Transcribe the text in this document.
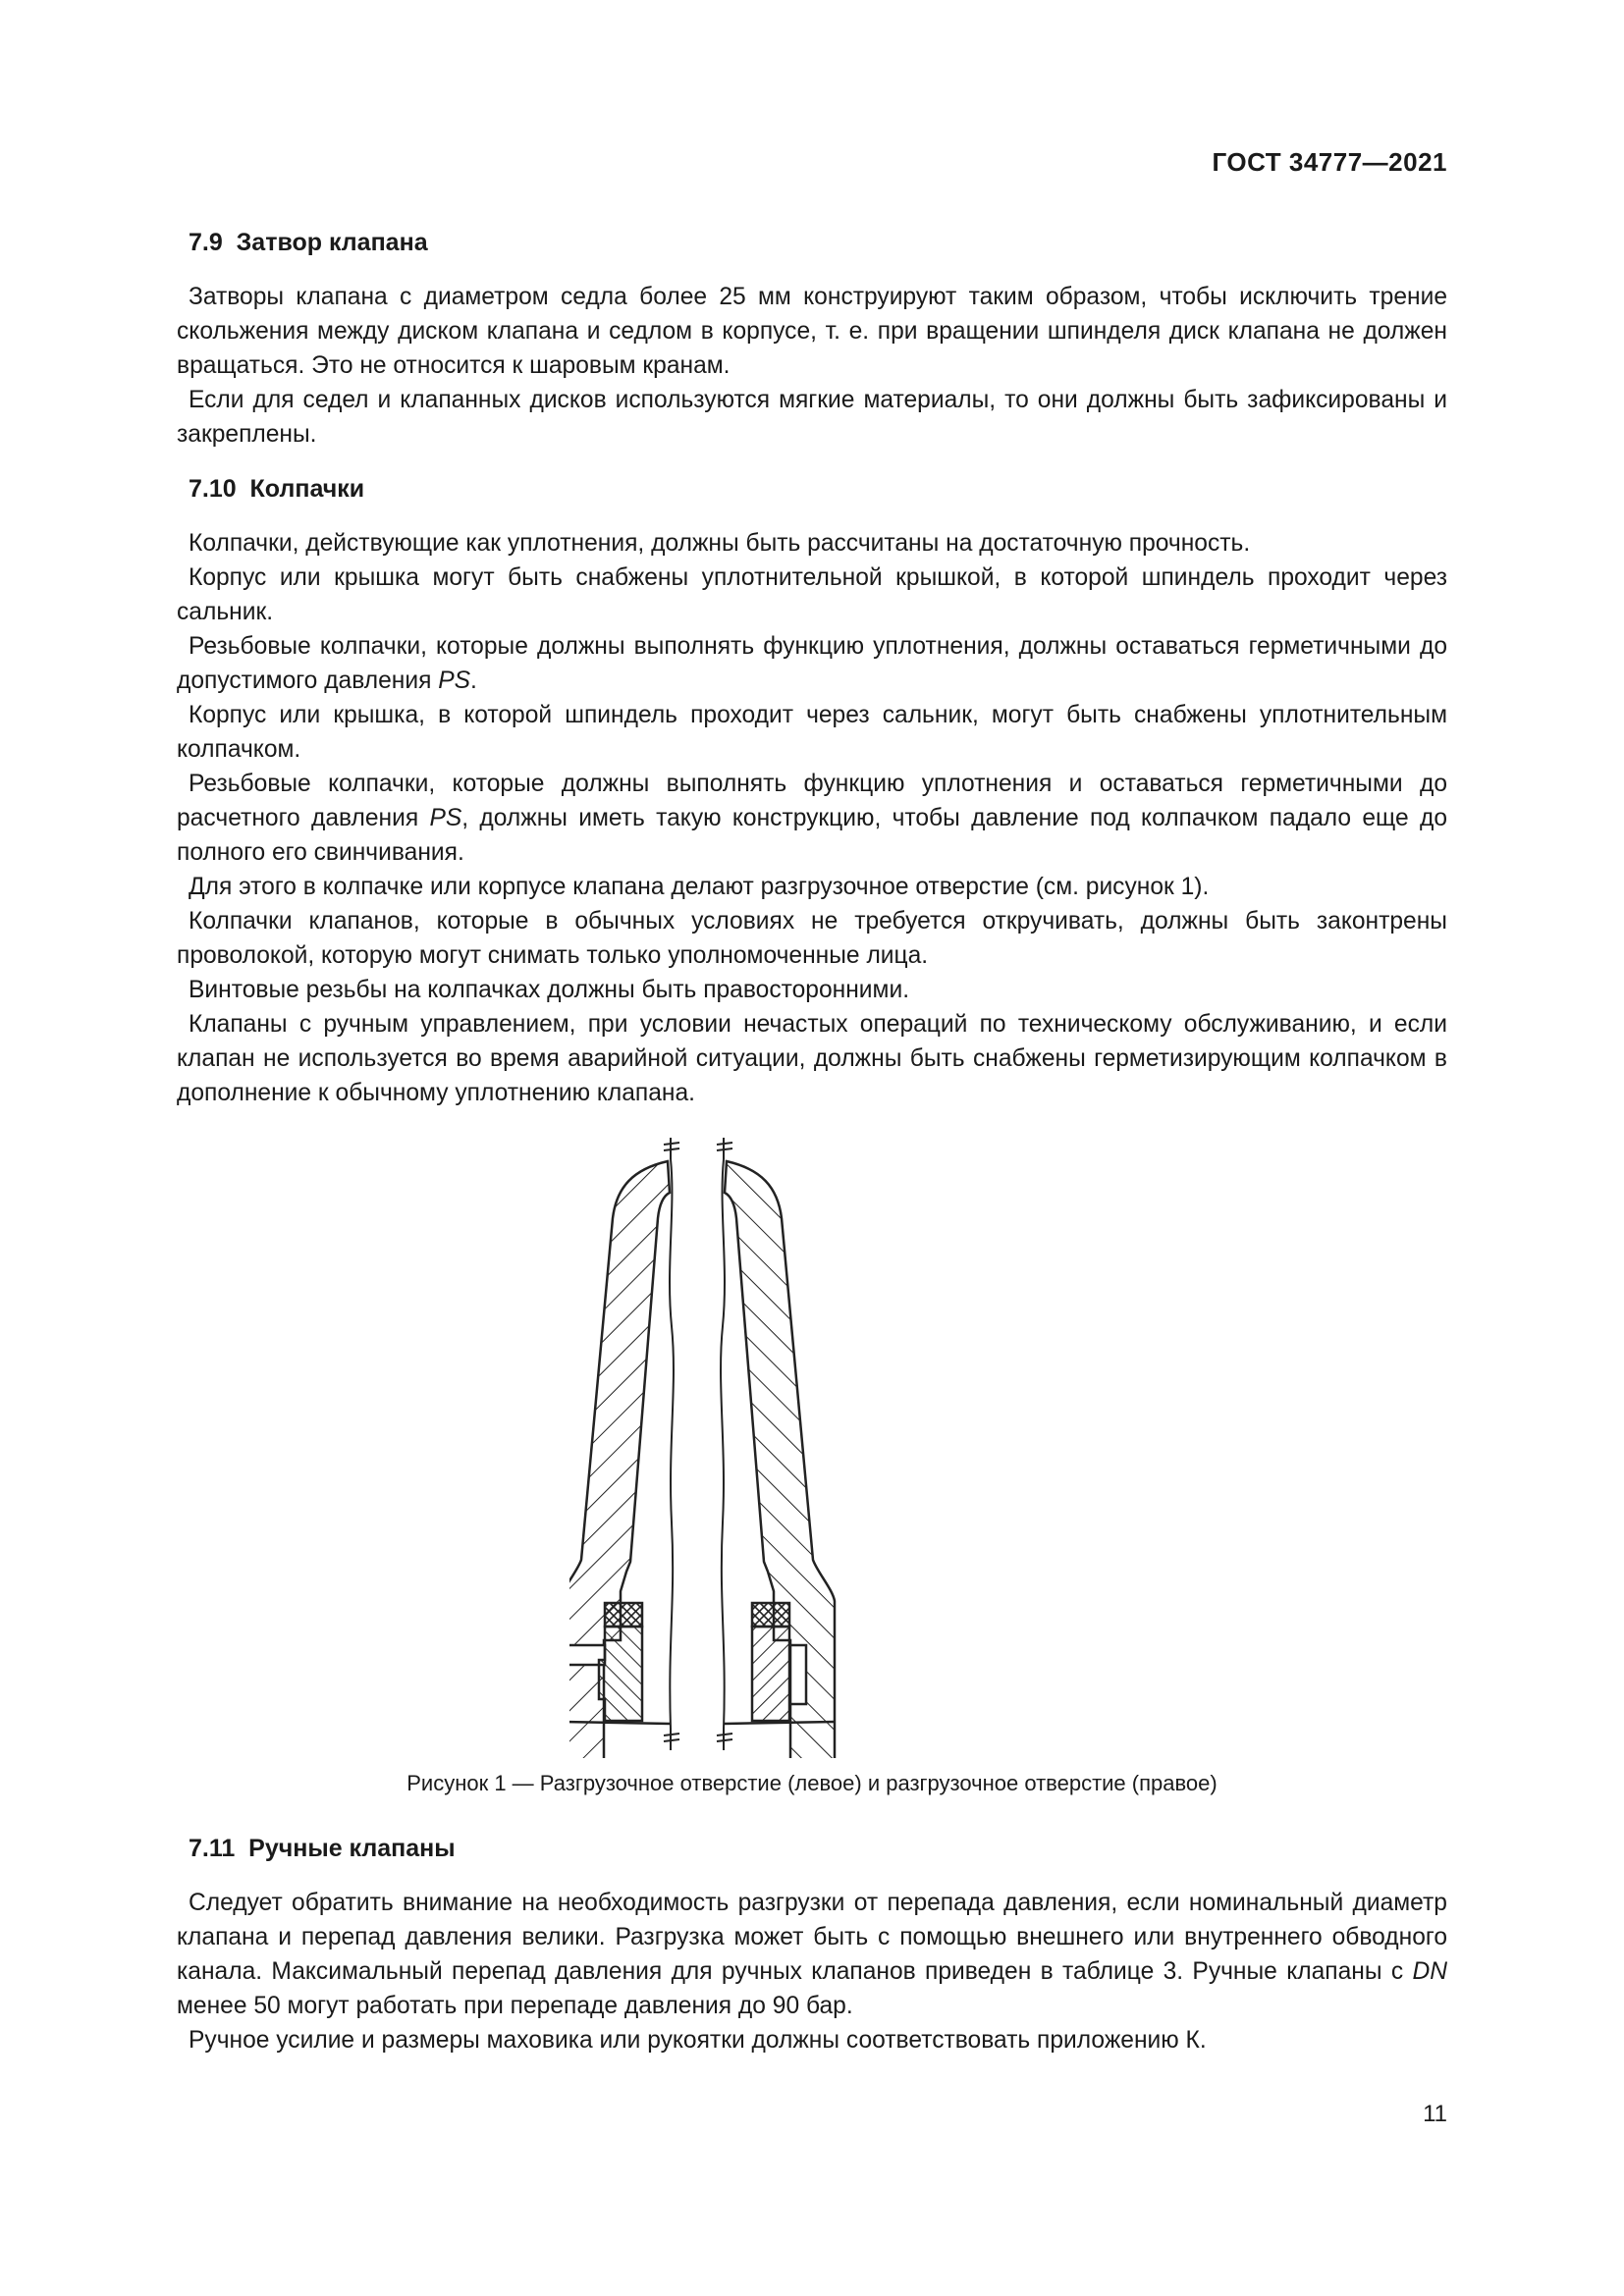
ГОСТ 34777—2021
7.9  Затвор клапана

Затворы клапана с диаметром седла более 25 мм конструируют таким образом, чтобы исключить трение скольжения между диском клапана и седлом в корпусе, т. е. при вращении шпинделя диск клапана не должен вращаться. Это не относится к шаровым кранам.

Если для седел и клапанных дисков используются мягкие материалы, то они должны быть зафиксированы и закреплены.

7.10  Колпачки

Колпачки, действующие как уплотнения, должны быть рассчитаны на достаточную прочность.

Корпус или крышка могут быть снабжены уплотнительной крышкой, в которой шпиндель проходит через сальник.

Резьбовые колпачки, которые должны выполнять функцию уплотнения, должны оставаться герметичными до допустимого давления PS.

Корпус или крышка, в которой шпиндель проходит через сальник, могут быть снабжены уплотнительным колпачком.

Резьбовые колпачки, которые должны выполнять функцию уплотнения и оставаться герметичными до расчетного давления PS, должны иметь такую конструкцию, чтобы давление под колпачком падало еще до полного его свинчивания.

Для этого в колпачке или корпусе клапана делают разгрузочное отверстие (см. рисунок 1).

Колпачки клапанов, которые в обычных условиях не требуется откручивать, должны быть законтрены проволокой, которую могут снимать только уполномоченные лица.

Винтовые резьбы на колпачках должны быть правосторонними.

Клапаны с ручным управлением, при условии нечастых операций по техническому обслуживанию, и если клапан не используется во время аварийной ситуации, должны быть снабжены герметизирующим колпачком в дополнение к обычному уплотнению клапана.

Рисунок 1 — Разгрузочное отверстие (левое) и разгрузочное отверстие (правое)
7.11  Ручные клапаны

Следует обратить внимание на необходимость разгрузки от перепада давления, если номинальный диаметр клапана и перепад давления велики. Разгрузка может быть с помощью внешнего или внутреннего обводного канала. Максимальный перепад давления для ручных клапанов приведен в таблице 3. Ручные клапаны с DN менее 50 могут работать при перепаде давления до 90 бар.

Ручное усилие и размеры маховика или рукоятки должны соответствовать приложению К.

11
